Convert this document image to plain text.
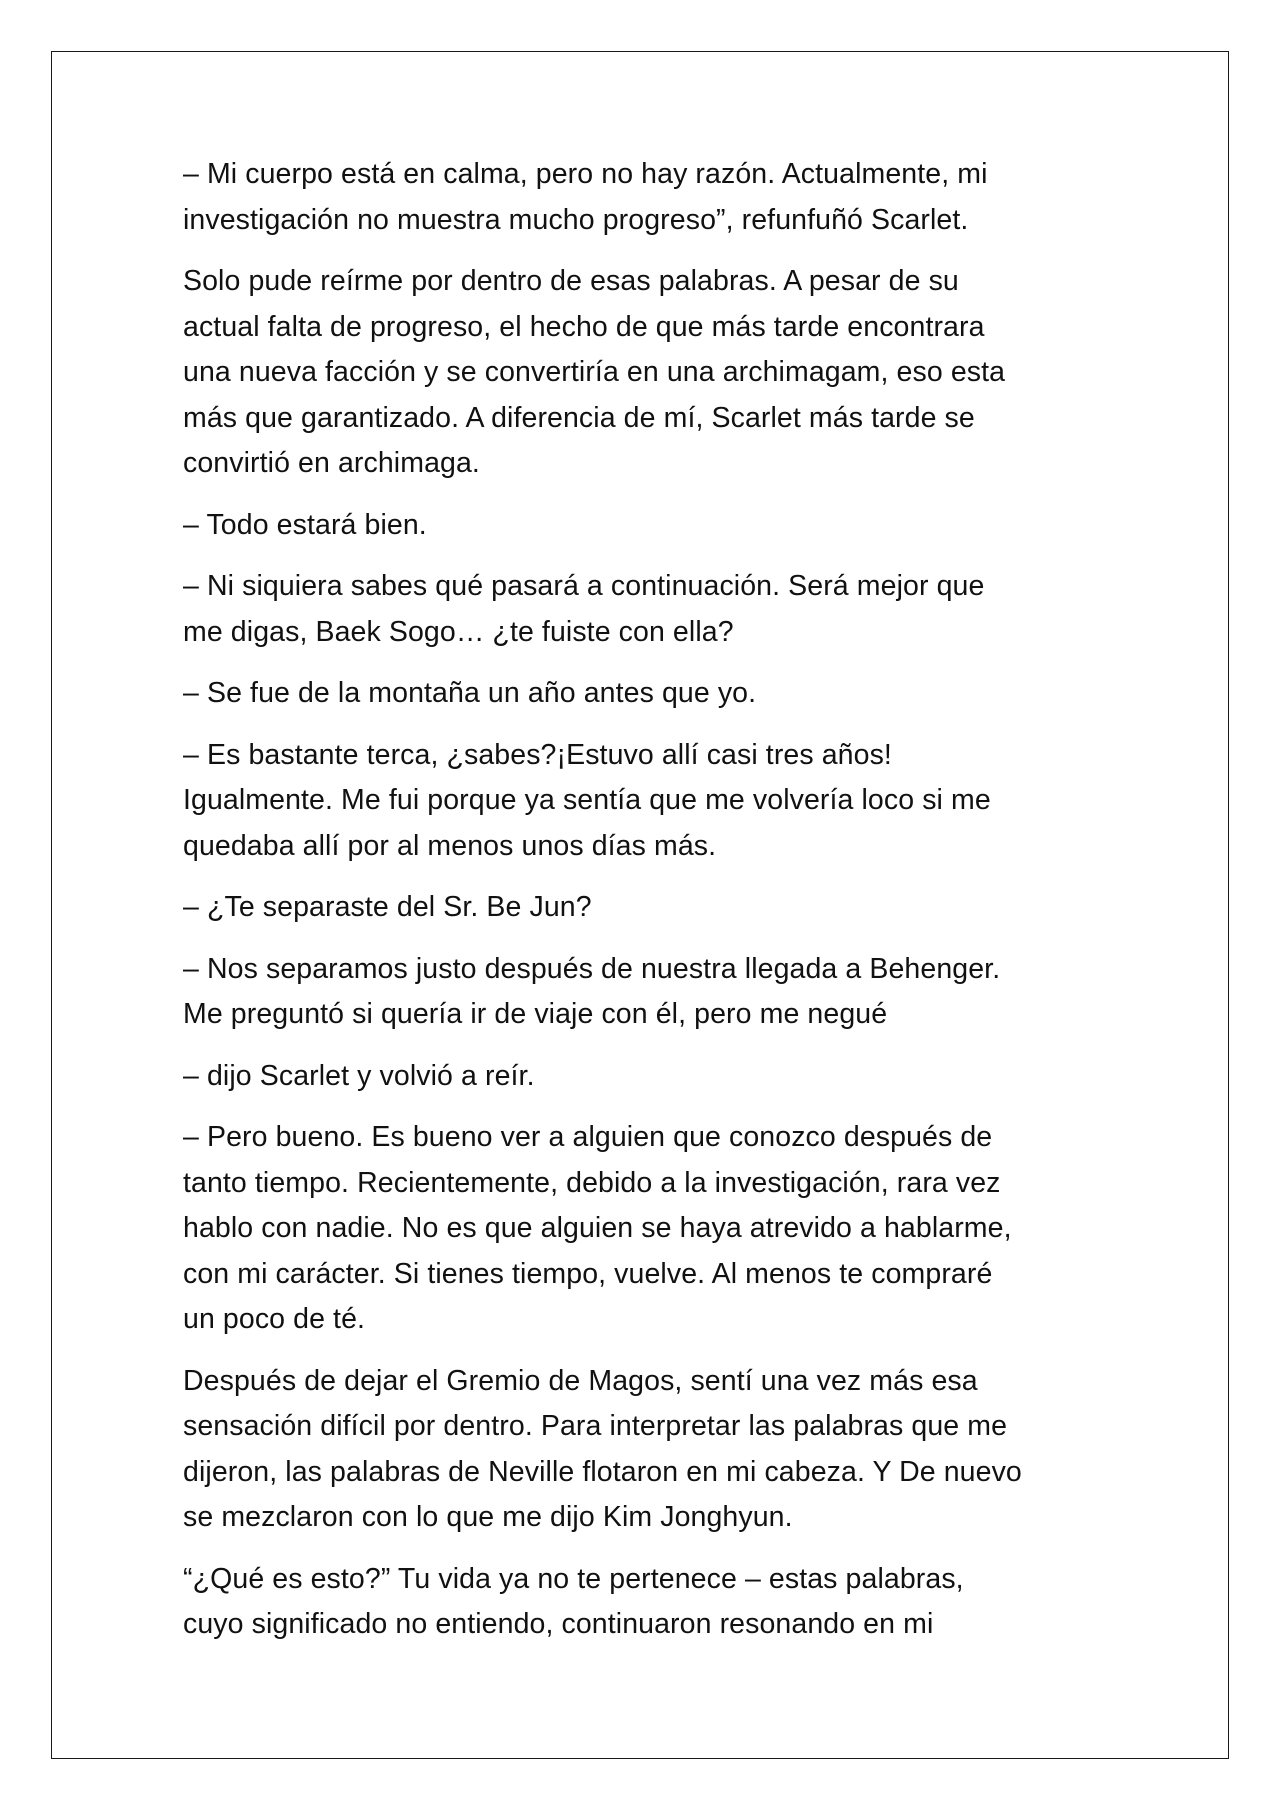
– Mi cuerpo está en calma, pero no hay razón. Actualmente, mi
investigación no muestra mucho progreso”, refunfuñó Scarlet.

Solo pude reírme por dentro de esas palabras. A pesar de su
actual falta de progreso, el hecho de que más tarde encontrara
una nueva facción y se convertiría en una archimagam, eso esta
más que garantizado. A diferencia de mí, Scarlet más tarde se
convirtió en archimaga.

– Todo estará bien.

– Ni siquiera sabes qué pasará a continuación. Será mejor que
me digas, Baek Sogo… ¿te fuiste con ella?

– Se fue de la montaña un año antes que yo.

– Es bastante terca, ¿sabes?¡Estuvo allí casi tres años!
Igualmente. Me fui porque ya sentía que me volvería loco si me
quedaba allí por al menos unos días más.

– ¿Te separaste del Sr. Be Jun?

– Nos separamos justo después de nuestra llegada a Behenger.
Me preguntó si quería ir de viaje con él, pero me negué

– dijo Scarlet y volvió a reír.

– Pero bueno. Es bueno ver a alguien que conozco después de
tanto tiempo. Recientemente, debido a la investigación, rara vez
hablo con nadie. No es que alguien se haya atrevido a hablarme,
con mi carácter. Si tienes tiempo, vuelve. Al menos te compraré
un poco de té.

Después de dejar el Gremio de Magos, sentí una vez más esa
sensación difícil por dentro. Para interpretar las palabras que me
dijeron, las palabras de Neville flotaron en mi cabeza. Y De nuevo
se mezclaron con lo que me dijo Kim Jonghyun.

“¿Qué es esto?” Tu vida ya no te pertenece – estas palabras,
cuyo significado no entiendo, continuaron resonando en mi
